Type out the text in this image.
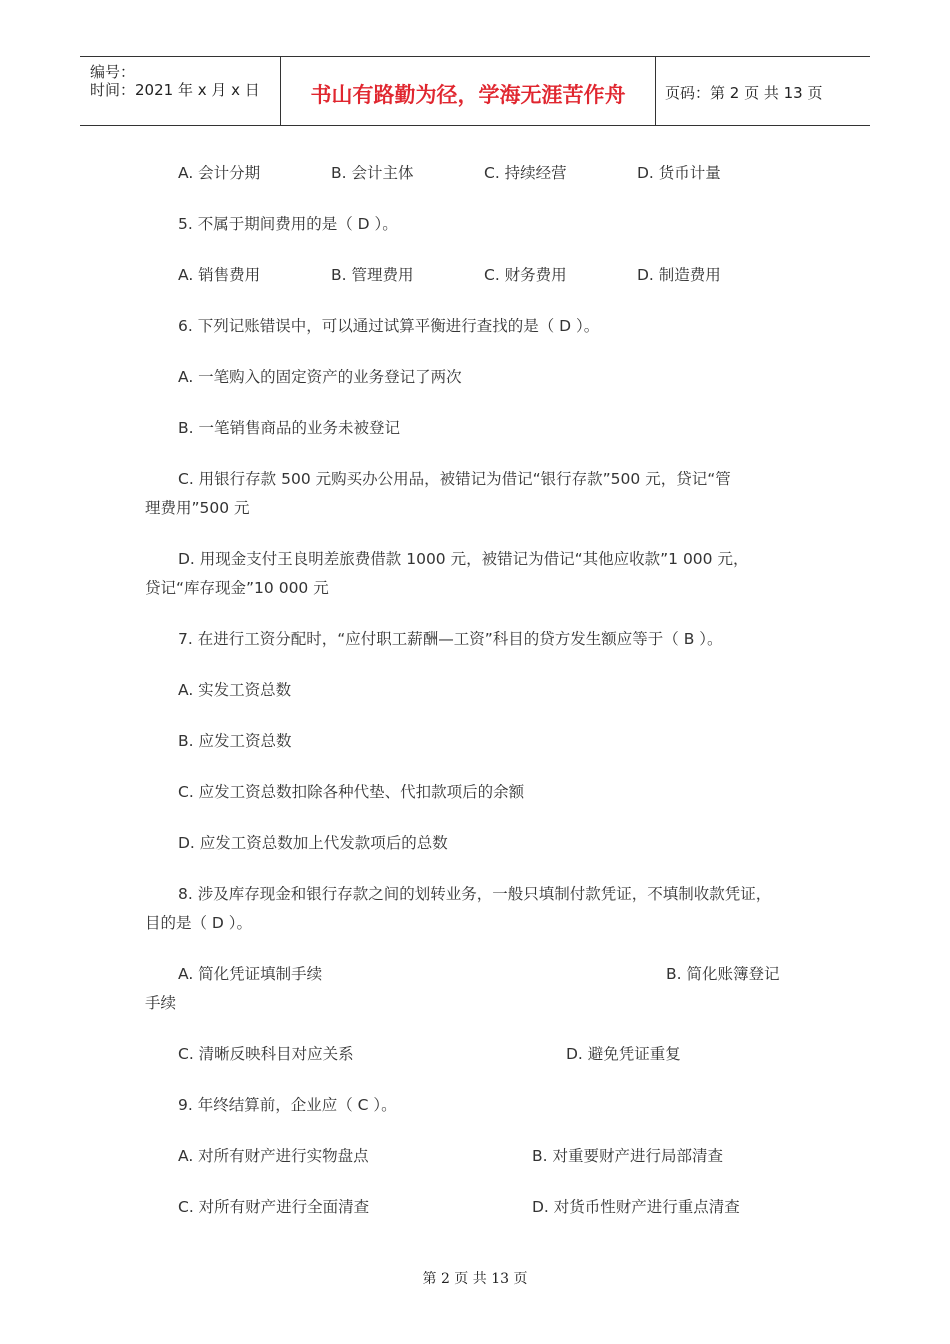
编号：
时间：2021 年 x 月 x 日	书山有路勤为径，学海无涯苦作舟	页码：第 2 页 共 13 页
A. 会计分期	B. 会计主体	C. 持续经营	D. 货币计量
5. 不属于期间费用的是（ D ）。
A. 销售费用	B. 管理费用	C. 财务费用	D. 制造费用
6. 下列记账错误中，可以通过试算平衡进行查找的是（ D ）。
A. 一笔购入的固定资产的业务登记了两次
B. 一笔销售商品的业务未被登记
C. 用银行存款 500 元购买办公用品，被错记为借记“银行存款”500 元，贷记“管
理费用”500 元
D. 用现金支付王良明差旅费借款 1000 元，被错记为借记“其他应收款”1 000 元，
贷记“库存现金”10 000 元
7. 在进行工资分配时，“应付职工薪酬—工资”科目的贷方发生额应等于（ B ）。
A. 实发工资总数
B. 应发工资总数
C. 应发工资总数扣除各种代垫、代扣款项后的余额
D. 应发工资总数加上代发款项后的总数
8. 涉及库存现金和银行存款之间的划转业务，一般只填制付款凭证，不填制收款凭证，
目的是（ D ）。
A. 简化凭证填制手续	B. 简化账簿登记
手续
C. 清晰反映科目对应关系	D. 避免凭证重复
9. 年终结算前，企业应（ C ）。
A. 对所有财产进行实物盘点	B. 对重要财产进行局部清查
C. 对所有财产进行全面清查	D. 对货币性财产进行重点清查
第 2 页 共 13 页
